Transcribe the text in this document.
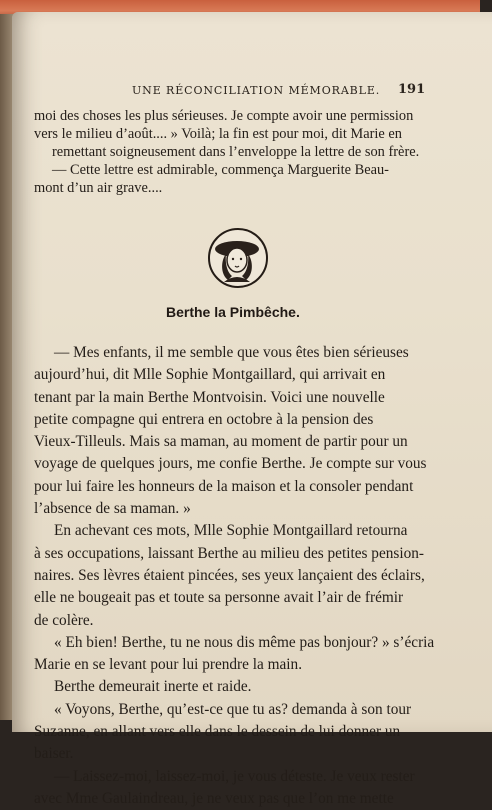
UNE RÉCONCILIATION MÉMORABLE.	191
moi des choses les plus sérieuses. Je compte avoir une permission
vers le milieu d’août.... » Voilà; la fin est pour moi, dit Marie en
remettant soigneusement dans l’enveloppe la lettre de son frère.
— Cette lettre est admirable, commença Marguerite Beau-
mont d’un air grave....
Berthe la Pimbêche.
— Mes enfants, il me semble que vous êtes bien sérieuses
aujourd’hui, dit Mlle Sophie Montgaillard, qui arrivait en
tenant par la main Berthe Montvoisin. Voici une nouvelle
petite compagne qui entrera en octobre à la pension des
Vieux-Tilleuls. Mais sa maman, au moment de partir pour un
voyage de quelques jours, me confie Berthe. Je compte sur vous
pour lui faire les honneurs de la maison et la consoler pendant
l’absence de sa maman. »
En achevant ces mots, Mlle Sophie Montgaillard retourna
à ses occupations, laissant Berthe au milieu des petites pension-
naires. Ses lèvres étaient pincées, ses yeux lançaient des éclairs,
elle ne bougeait pas et toute sa personne avait l’air de frémir
de colère.
« Eh bien! Berthe, tu ne nous dis même pas bonjour? » s’écria
Marie en se levant pour lui prendre la main.
Berthe demeurait inerte et raide.
« Voyons, Berthe, qu’est-ce que tu as? demanda à son tour
Suzanne, en allant vers elle dans le dessein de lui donner un
baiser.
— Laissez-moi, laissez-moi, je vous déteste. Je veux rester
avec Mme Gaulaindreau, je ne veux pas que l’on me mette
